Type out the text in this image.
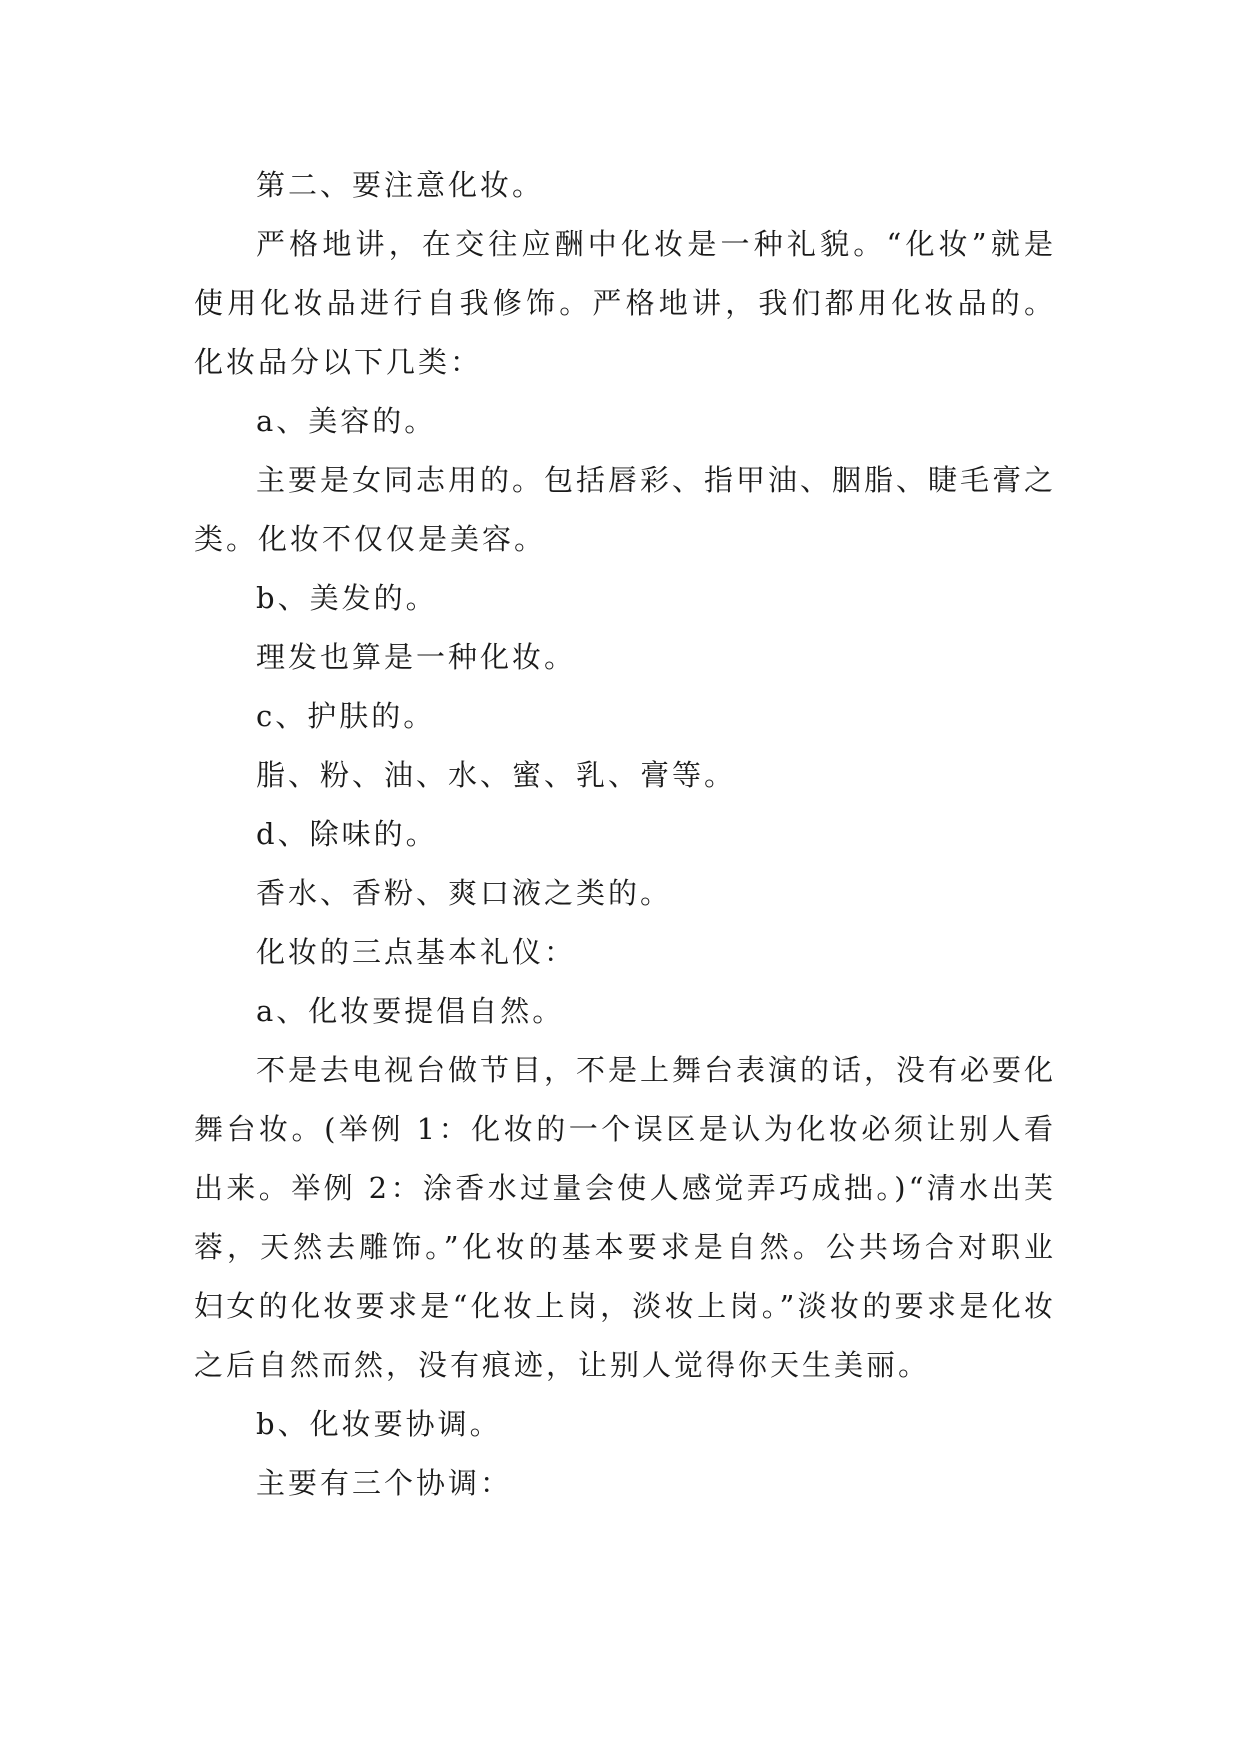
第二、要注意化妆。

严格地讲，在交往应酬中化妆是一种礼貌。“化妆”就是使用化妆品进行自我修饰。严格地讲，我们都用化妆品的。化妆品分以下几类：

a、美容的。

主要是女同志用的。包括唇彩、指甲油、胭脂、睫毛膏之类。化妆不仅仅是美容。

b、美发的。

理发也算是一种化妆。

c、护肤的。

脂、粉、油、水、蜜、乳、膏等。

d、除味的。

香水、香粉、爽口液之类的。

化妆的三点基本礼仪：

a、化妆要提倡自然。

不是去电视台做节目，不是上舞台表演的话，没有必要化舞台妆。(举例 1：化妆的一个误区是认为化妆必须让别人看出来。举例 2：涂香水过量会使人感觉弄巧成拙。)“清水出芙蓉，天然去雕饰。”化妆的基本要求是自然。公共场合对职业妇女的化妆要求是“化妆上岗，淡妆上岗。”淡妆的要求是化妆之后自然而然，没有痕迹，让别人觉得你天生美丽。

b、化妆要协调。

主要有三个协调：
